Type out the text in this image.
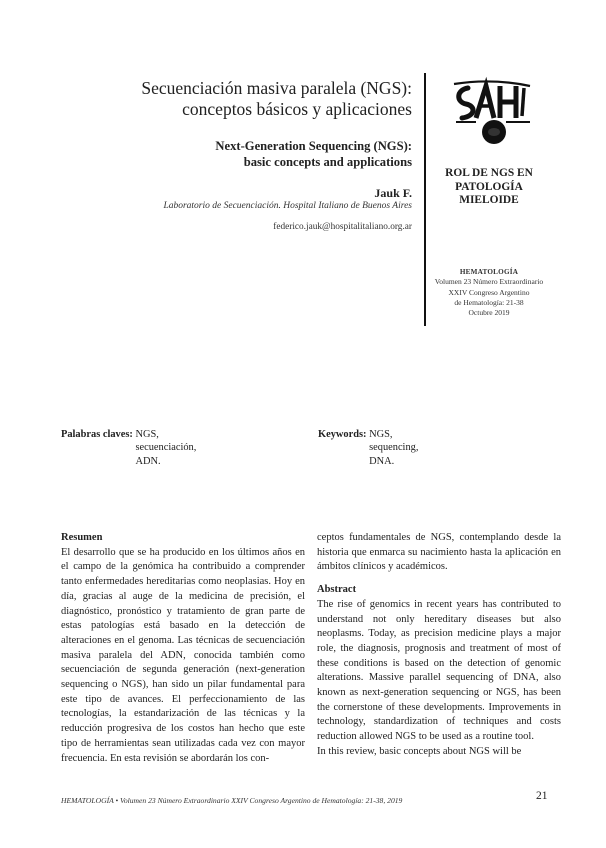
Secuenciación masiva paralela (NGS):
conceptos básicos y aplicaciones
Next-Generation Sequencing (NGS):
basic concepts and applications
Jauk F.
Laboratorio de Secuenciación. Hospital Italiano de Buenos Aires
federico.jauk@hospitalitaliano.org.ar
ROL DE NGS EN
PATOLOGÍA
MIELOIDE
HEMATOLOGÍA
Volumen 23 Número Extraordinario
XXIV Congreso Argentino
de Hematología: 21-38
Octubre 2019
Palabras claves: NGS,
secuenciación,
ADN.
Keywords: NGS,
sequencing,
DNA.

Resumen

El desarrollo que se ha producido en los últimos años en el campo de la genómica ha contribuido a comprender tanto enfermedades hereditarias como neoplasias. Hoy en día, gracias al auge de la medicina de precisión, el diagnóstico, pronóstico y tratamiento de gran parte de estas patologías está basado en la detección de alteraciones en el genoma. Las técnicas de secuenciación masiva paralela del ADN, conocida también como secuenciación de segunda generación (next-generation sequencing o NGS), han sido un pilar fundamental para este tipo de avances. El perfeccionamiento de las tecnologías, la estandarización de las técnicas y la reducción progresiva de los costos han hecho que este tipo de herramientas sean utilizadas cada vez con mayor frecuencia. En esta revisión se abordarán los con-

ceptos fundamentales de NGS, contemplando desde la historia que enmarca su nacimiento hasta la aplicación en ámbitos clínicos y académicos.

Abstract

The rise of genomics in recent years has contributed to understand not only hereditary diseases but also neoplasms. Today, as precision medicine plays a major role, the diagnosis, prognosis and treatment of most of these conditions is based on the detection of genomic alterations. Massive parallel sequencing of DNA, also known as next-generation sequencing or NGS, has been the cornerstone of these developments. Improvements in technology, standardization of techniques and costs reduction allowed NGS to be used as a routine tool.

In this review, basic concepts about NGS will be

HEMATOLOGÍA • Volumen 23 Número Extraordinario XXIV Congreso Argentino de Hematología: 21-38, 2019	21
